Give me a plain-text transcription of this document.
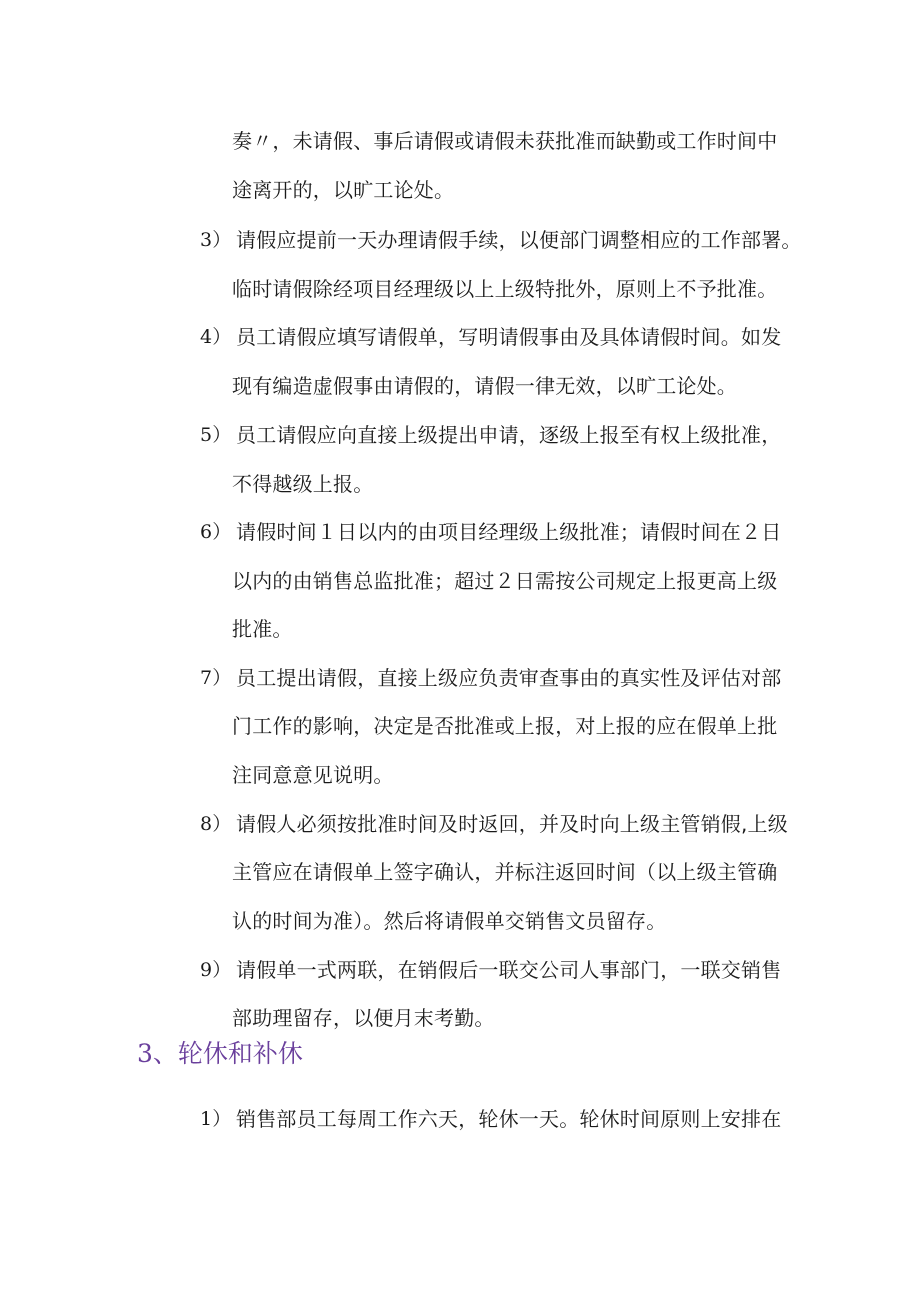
奏〃，未请假、事后请假或请假未获批准而缺勤或工作时间中
途离开的，以旷工论处。
3） 请假应提前一天办理请假手续，以便部门调整相应的工作部署。
临时请假除经项目经理级以上上级特批外，原则上不予批准。
4） 员工请假应填写请假单，写明请假事由及具体请假时间。如发
现有编造虚假事由请假的，请假一律无效，以旷工论处。
5） 员工请假应向直接上级提出申请，逐级上报至有权上级批准，
不得越级上报。
6） 请假时间１日以内的由项目经理级上级批准；请假时间在２日
以内的由销售总监批准；超过２日需按公司规定上报更高上级
批准。
7） 员工提出请假，直接上级应负责审查事由的真实性及评估对部
门工作的影响，决定是否批准或上报，对上报的应在假单上批
注同意意见说明。
8） 请假人必须按批准时间及时返回，并及时向上级主管销假,上级
主管应在请假单上签字确认，并标注返回时间（以上级主管确
认的时间为准）。然后将请假单交销售文员留存。
9） 请假单一式两联，在销假后一联交公司人事部门，一联交销售
部助理留存，以便月末考勤。
3、轮休和补休
1） 销售部员工每周工作六天，轮休一天。轮休时间原则上安排在
